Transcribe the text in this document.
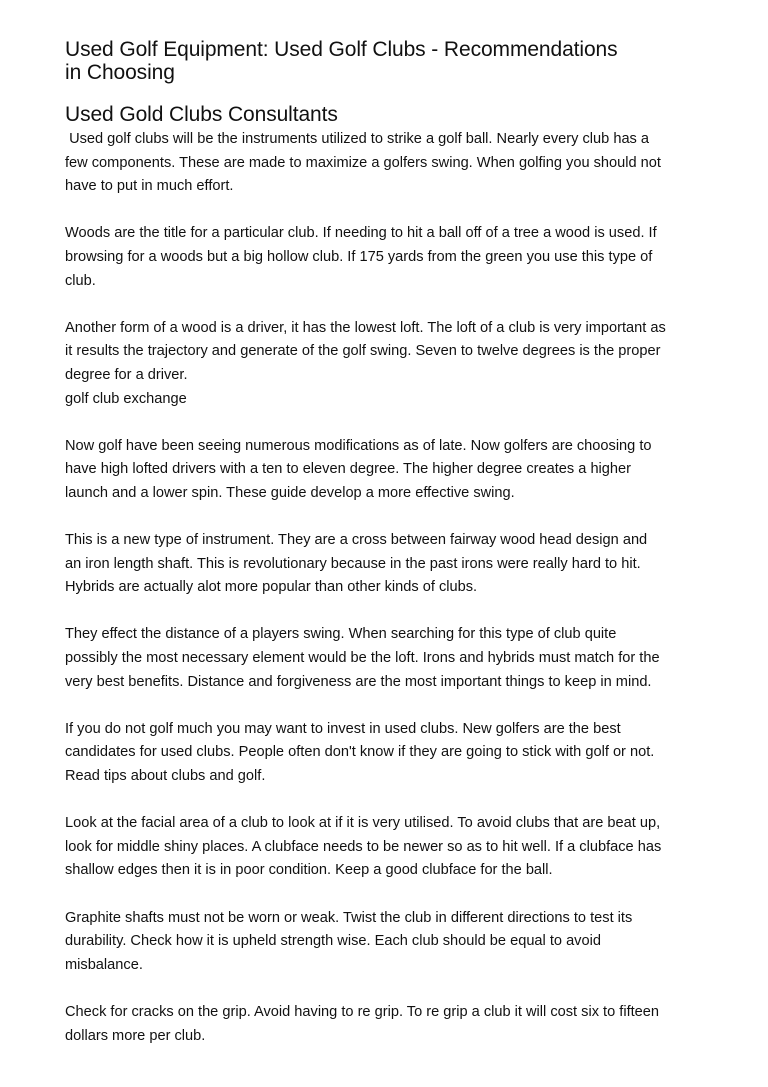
Used Golf Equipment: Used Golf Clubs - Recommendations
in Choosing
Used Gold Clubs Consultants

Used golf clubs will be the instruments utilized to strike a golf ball. Nearly every club has a
few components. These are made to maximize a golfers swing. When golfing you should not
have to put in much effort.

Woods are the title for a particular club. If needing to hit a ball off of a tree a wood is used. If
browsing for a woods but a big hollow club. If 175 yards from the green you use this type of
club.

Another form of a wood is a driver, it has the lowest loft. The loft of a club is very important as
it results the trajectory and generate of the golf swing. Seven to twelve degrees is the proper
degree for a driver.

golf club exchange

Now golf have been seeing numerous modifications as of late. Now golfers are choosing to
have high lofted drivers with a ten to eleven degree. The higher degree creates a higher
launch and a lower spin. These guide develop a more effective swing.

This is a new type of instrument. They are a cross between fairway wood head design and
an iron length shaft. This is revolutionary because in the past irons were really hard to hit.
Hybrids are actually alot more popular than other kinds of clubs.

They effect the distance of a players swing. When searching for this type of club quite
possibly the most necessary element would be the loft. Irons and hybrids must match for the
very best benefits. Distance and forgiveness are the most important things to keep in mind.

If you do not golf much you may want to invest in used clubs. New golfers are the best
candidates for used clubs. People often don't know if they are going to stick with golf or not.
Read tips about clubs and golf.

Look at the facial area of a club to look at if it is very utilised. To avoid clubs that are beat up,
look for middle shiny places. A clubface needs to be newer so as to hit well. If a clubface has
shallow edges then it is in poor condition. Keep a good clubface for the ball.

Graphite shafts must not be worn or weak. Twist the club in different directions to test its
durability. Check how it is upheld strength wise. Each club should be equal to avoid
misbalance.

Check for cracks on the grip. Avoid having to re grip. To re grip a club it will cost six to fifteen
dollars more per club.
